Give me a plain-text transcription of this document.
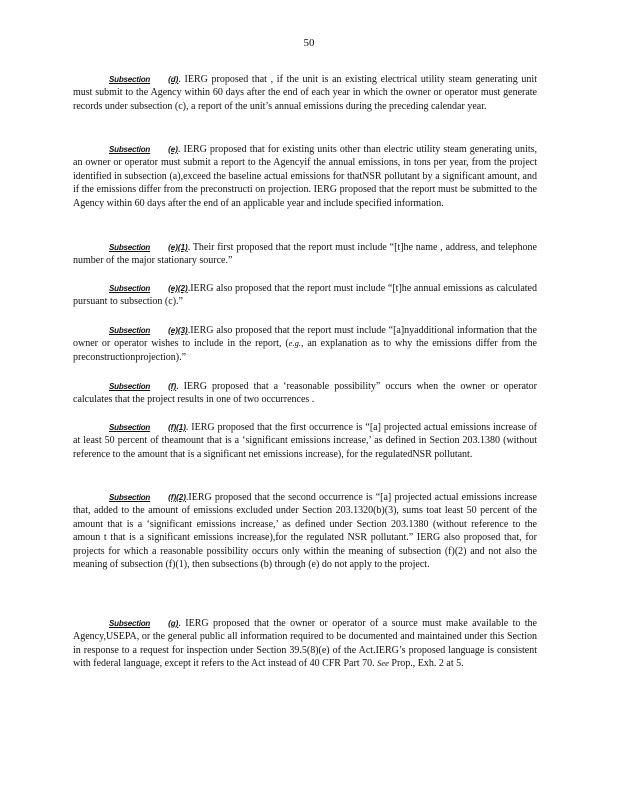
50

Subsection (d). IERG proposed that , if the unit is an existing electrical utility steam generating unit must submit to the Agency within 60 days after the end of each year in which the owner or operator must generate records under subsection (c), a report of the unit’s annual emissions during the preceding calendar year.

Subsection (e). IERG proposed that for existing units other than electric utility steam generating units, an owner or operator must submit a report to the Agencyif the annual emissions, in tons per year, from the project identified in subsection (a),exceed the baseline actual emissions for thatNSR pollutant by a significant amount, and if the emissions differ from the preconstructi on projection. IERG proposed that the report must be submitted to the Agency within 60 days after the end of an applicable year and include specified information.

Subsection (e)(1). Their first proposed that the report must include “[t]he name , address, and telephone number of the major stationary source.”

Subsection (e)(2).IERG also proposed that the report must include “[t]he annual emissions as calculated pursuant to subsection (c).”

Subsection (e)(3).IERG also proposed that the report must include “[a]nyadditional information that the owner or operator wishes to include in the report, (e.g., an explanation as to why the emissions differ from the preconstructionprojection).”

Subsection (f). IERG proposed that a ‘reasonable possibility” occurs when the owner or operator calculates that the project results in one of two occurrences .

Subsection (f)(1). IERG proposed that the first occurrence is “[a] projected actual emissions increase of at least 50 percent of theamount that is a ‘significant emissions increase,’ as defined in Section 203.1380 (without reference to the amount that is a significant net emissions increase), for the regulatedNSR pollutant.

Subsection (f)(2).IERG proposed that the second occurrence is “[a] projected actual emissions increase that, added to the amount of emissions excluded under Section 203.1320(b)(3), sums toat least 50 percent of the amount that is a ‘significant emissions increase,’ as defined under Section 203.1380 (without reference to the amoun t that is a significant emissions increase),for the regulated NSR pollutant.” IERG also proposed that, for projects for which a reasonable possibility occurs only within the meaning of subsection (f)(2) and not also the meaning of subsection (f)(1), then subsections (b) through (e) do not apply to the project.

Subsection (g). IERG proposed that the owner or operator of a source must make available to the Agency,USEPA, or the general public all information required to be documented and maintained under this Section in response to a request for inspection under Section 39.5(8)(e) of the Act.IERG’s proposed language is consistent with federal language, except it refers to the Act instead of 40 CFR Part 70. See Prop., Exh. 2 at 5.
